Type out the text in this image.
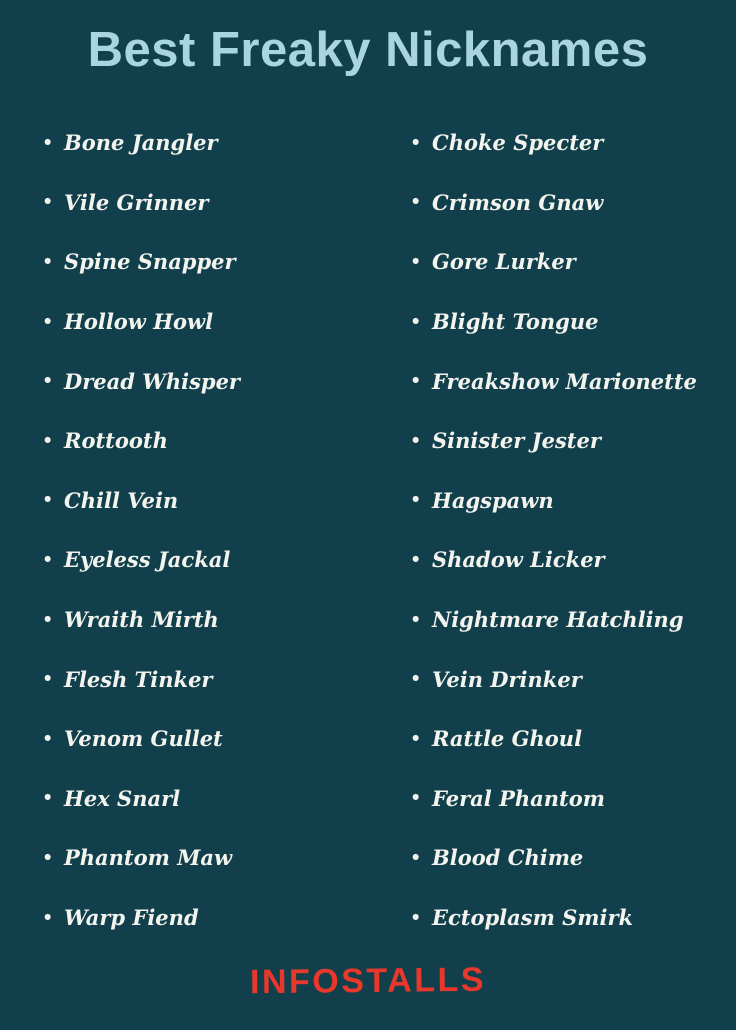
Best Freaky Nicknames
• Bone Jangler
• Vile Grinner
• Spine Snapper
• Hollow Howl
• Dread Whisper
• Rottooth
• Chill Vein
• Eyeless Jackal
• Wraith Mirth
• Flesh Tinker
• Venom Gullet
• Hex Snarl
• Phantom Maw
• Warp Fiend
• Choke Specter
• Crimson Gnaw
• Gore Lurker
• Blight Tongue
• Freakshow Marionette
• Sinister Jester
• Hagspawn
• Shadow Licker
• Nightmare Hatchling
• Vein Drinker
• Rattle Ghoul
• Feral Phantom
• Blood Chime
• Ectoplasm Smirk
INFOSTALLS
